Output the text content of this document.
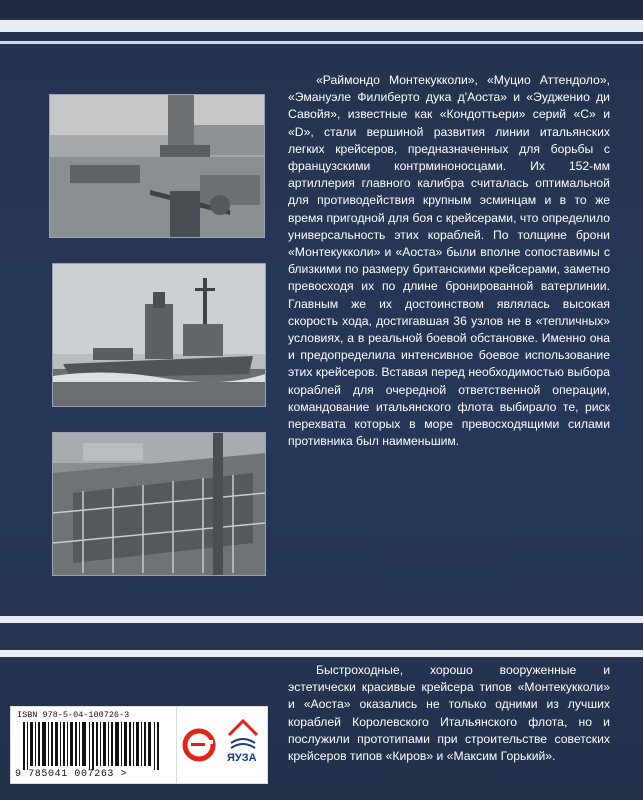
«Раймондо Монтекукколи», «Муцио Аттендоло», «Эмануэле Филиберто дука д'Аоста» и «Эудженио ди Савойя», известные как «Кондоттьери» серий «C» и «D», стали вершиной развития линии итальянских легких крейсеров, предназначенных для борьбы с французскими контрминоносцами. Их 152-мм артиллерия главного калибра считалась оптимальной для противодействия крупным эсминцам и в то же время пригодной для боя с крейсерами, что определило универсальность этих кораблей. По толщине брони «Монтекукколи» и «Аоста» были вполне сопоставимы с близкими по размеру британскими крейсерами, заметно превосходя их по длине бронированной ватерлинии. Главным же их достоинством являлась высокая скорость хода, достигавшая 36 узлов не в «тепличных» условиях, а в реальной боевой обстановке. Именно она и предопределила интенсивное боевое использование этих крейсеров. Вставая перед необходимостью выбора кораблей для очередной ответственной операции, командование итальянского флота выбирало те, риск перехвата которых в море превосходящими силами противника был наименьшим.
Быстроходные, хорошо вооруженные и эстетически красивые крейсера типов «Монтекукколи» и «Аоста» оказались не только одними из лучших кораблей Королевского Итальянского флота, но и послужили прототипами при строительстве советских крейсеров типов «Киров» и «Максим Горький».
ISBN 978-5-04-100726-3
9 785041 007263 >
ЯУЗА
